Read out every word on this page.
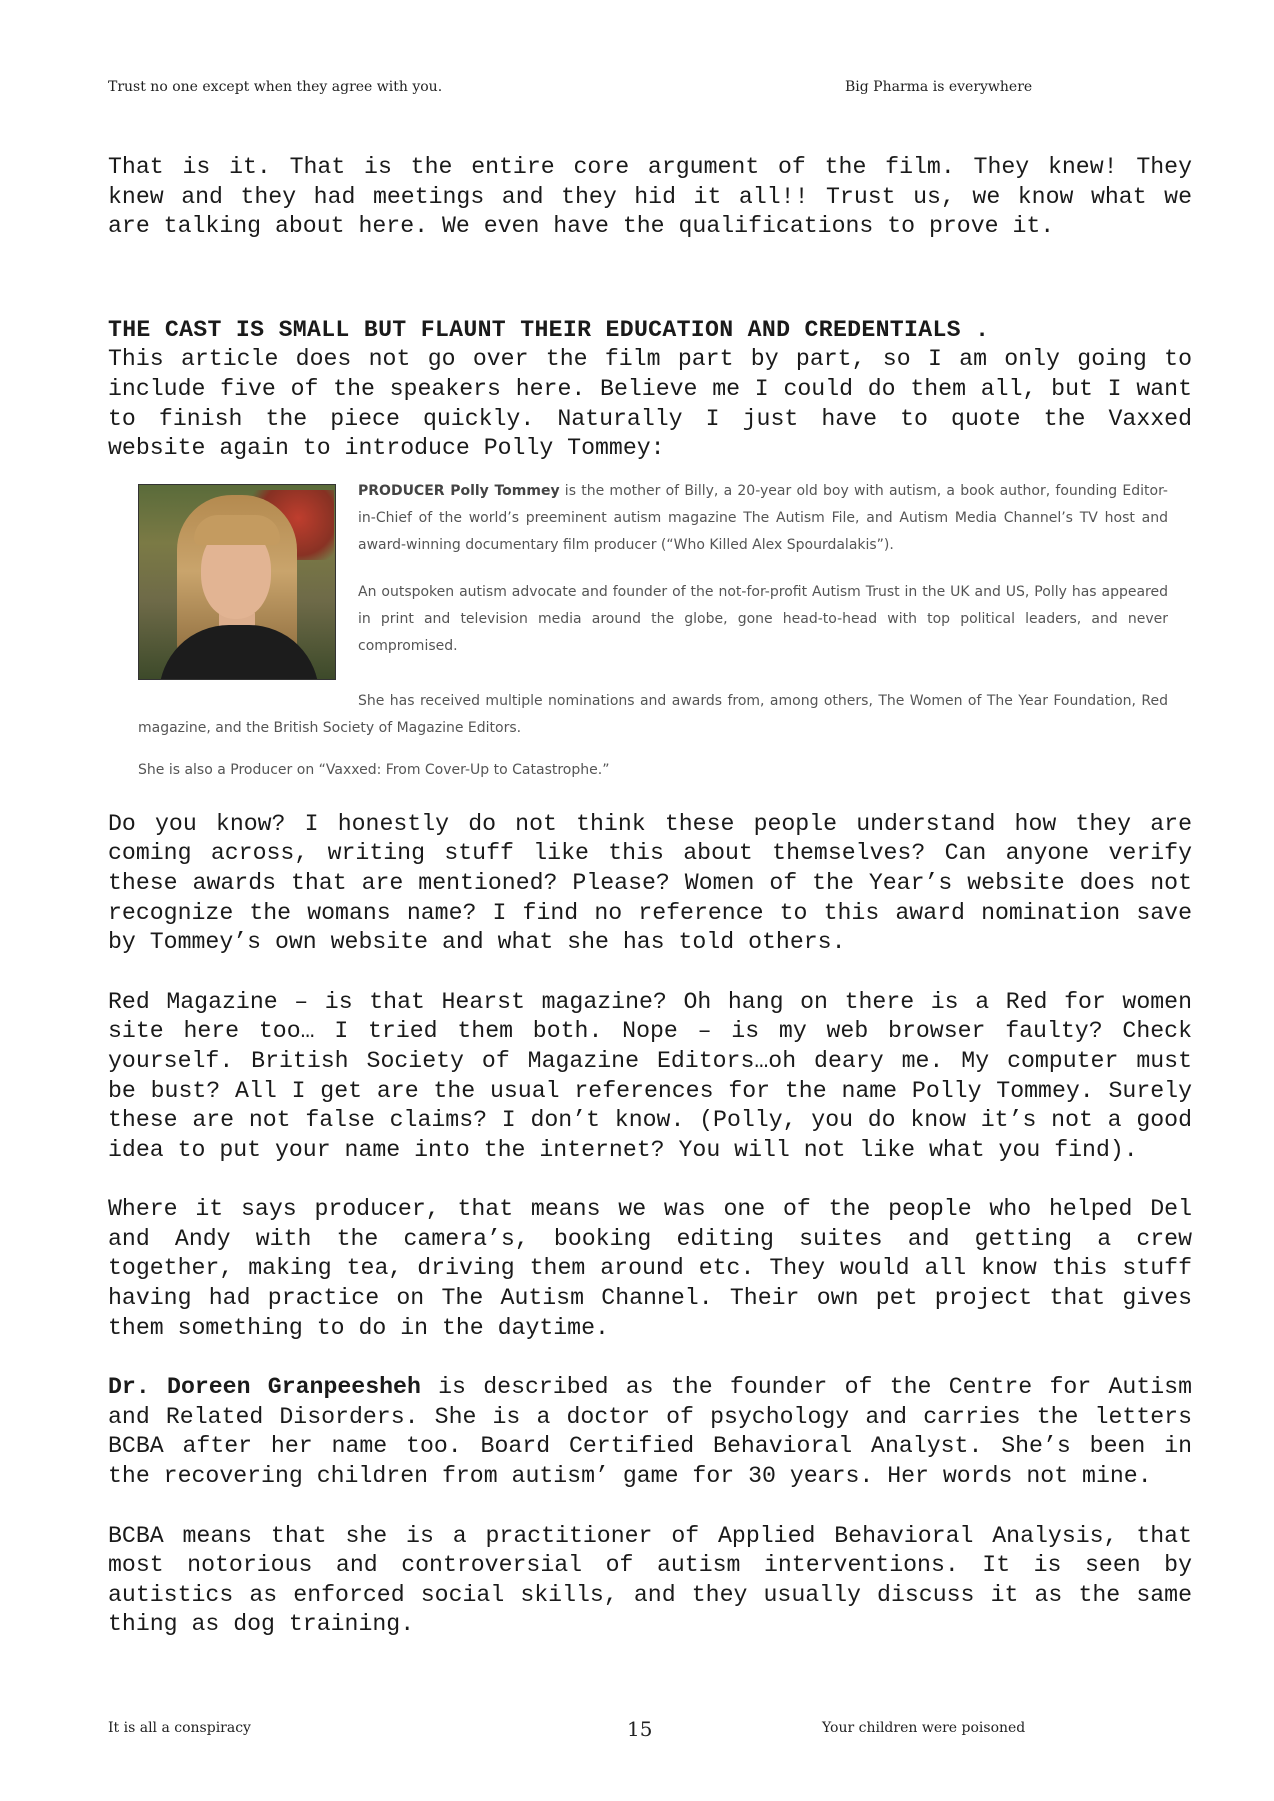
Trust no one except when they agree with you.	Big Pharma is everywhere

That is it. That is the entire core argument of the film. They knew! They knew and they had meetings and they hid it all!! Trust us, we know what we are talking about here. We even have the qualifications to prove it.

THE CAST IS SMALL BUT FLAUNT THEIR EDUCATION AND CREDENTIALS .

This article does not go over the film part by part, so I am only going to include five of the speakers here. Believe me I could do them all, but I want to finish the piece quickly. Naturally I just have to quote the Vaxxed website again to introduce Polly Tommey:

PRODUCER Polly Tommey is the mother of Billy, a 20-year old boy with autism, a book author, founding Editor-in-Chief of the world’s preeminent autism magazine The Autism File, and Autism Media Channel’s TV host and award-winning documentary film producer (“Who Killed Alex Spourdalakis”).

An outspoken autism advocate and founder of the not-for-profit Autism Trust in the UK and US, Polly has appeared in print and television media around the globe, gone head-to-head with top political leaders, and never compromised.

She has received multiple nominations and awards from, among others, The Women of The Year Foundation, Red magazine, and the British Society of Magazine Editors.

She is also a Producer on “Vaxxed: From Cover-Up to Catastrophe.”

Do you know? I honestly do not think these people understand how they are coming across, writing stuff like this about themselves? Can anyone verify these awards that are mentioned? Please? Women of the Year’s website does not recognize the womans name? I find no reference to this award nomination save by Tommey’s own website and what she has told others.

Red Magazine – is that Hearst magazine? Oh hang on there is a Red for women site here too… I tried them both. Nope – is my web browser faulty? Check yourself. British Society of Magazine Editors…oh deary me. My computer must be bust? All I get are the usual references for the name Polly Tommey. Surely these are not false claims? I don’t know. (Polly, you do know it’s not a good idea to put your name into the internet? You will not like what you find).

Where it says producer, that means we was one of the people who helped Del and Andy with the camera’s, booking editing suites and getting a crew together, making tea, driving them around etc. They would all know this stuff having had practice on The Autism Channel. Their own pet project that gives them something to do in the daytime.

Dr. Doreen Granpeesheh is described as the founder of the Centre for Autism and Related Disorders. She is a doctor of psychology and carries the letters BCBA after her name too. Board Certified Behavioral Analyst. She’s been in the recovering children from autism’ game for 30 years. Her words not mine.

BCBA means that she is a practitioner of Applied Behavioral Analysis, that most notorious and controversial of autism interventions. It is seen by autistics as enforced social skills, and they usually discuss it as the same thing as dog training.

It is all a conspiracy	15	Your children were poisoned
